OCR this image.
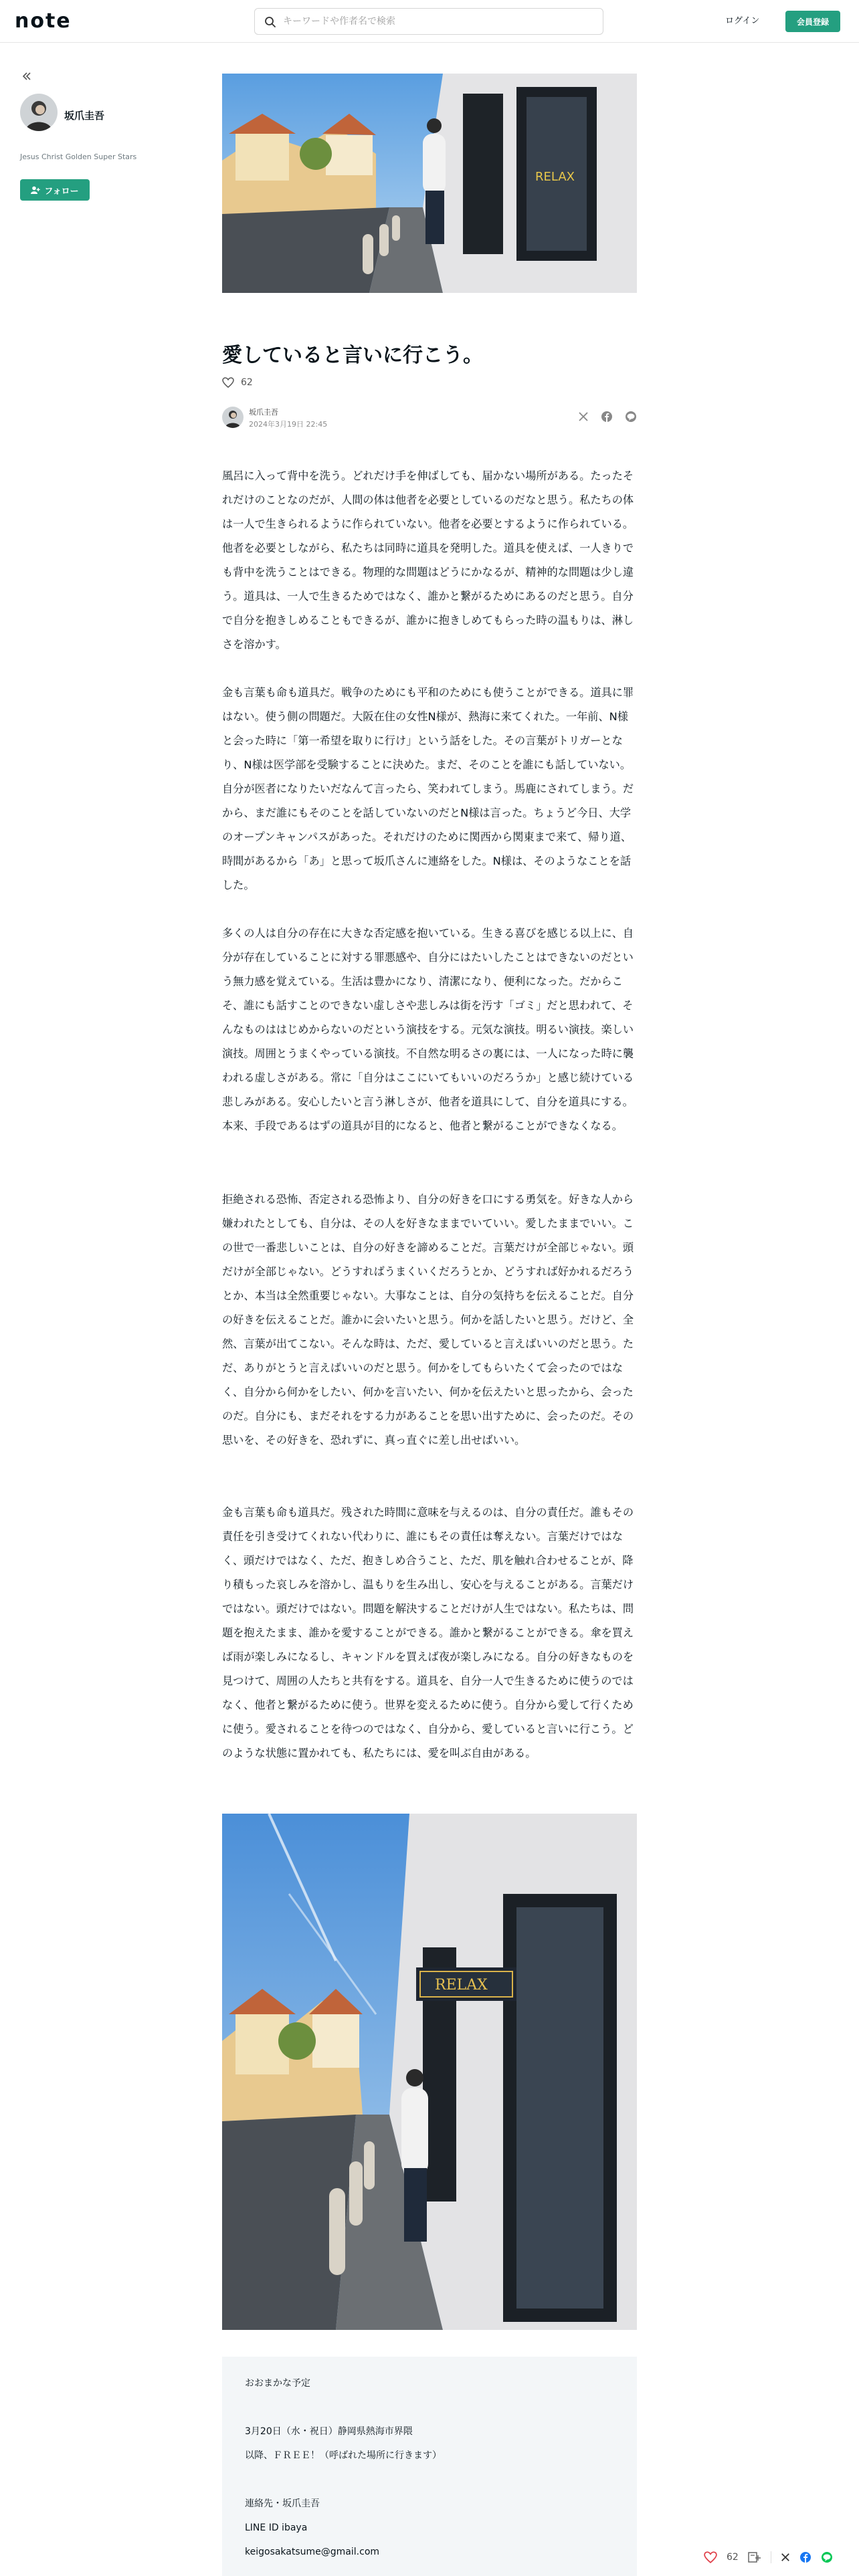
note
キーワードや作者名で検索	ログイン	会員登録
坂爪圭吾
Jesus Christ Golden Super Stars
フォロー
RELAX
愛していると言いに行こう。
62
坂爪圭吾
2024年3月19日 22:45

風呂に入って背中を洗う。どれだけ手を伸ばしても、届かない場所がある。たったそれだけのことなのだが、人間の体は他者を必要としているのだなと思う。私たちの体は一人で生きられるように作られていない。他者を必要とするように作られている。他者を必要としながら、私たちは同時に道具を発明した。道具を使えば、一人きりでも背中を洗うことはできる。物理的な問題はどうにかなるが、精神的な問題は少し違う。道具は、一人で生きるためではなく、誰かと繋がるためにあるのだと思う。自分で自分を抱きしめることもできるが、誰かに抱きしめてもらった時の温もりは、淋しさを溶かす。

金も言葉も命も道具だ。戦争のためにも平和のためにも使うことができる。道具に罪はない。使う側の問題だ。大阪在住の女性N様が、熱海に来てくれた。一年前、N様と会った時に「第一希望を取りに行け」という話をした。その言葉がトリガーとなり、N様は医学部を受験することに決めた。まだ、そのことを誰にも話していない。自分が医者になりたいだなんて言ったら、笑われてしまう。馬鹿にされてしまう。だから、まだ誰にもそのことを話していないのだとN様は言った。ちょうど今日、大学のオープンキャンパスがあった。それだけのために関西から関東まで来て、帰り道、時間があるから「あ」と思って坂爪さんに連絡をした。N様は、そのようなことを話した。

多くの人は自分の存在に大きな否定感を抱いている。生きる喜びを感じる以上に、自分が存在していることに対する罪悪感や、自分にはたいしたことはできないのだという無力感を覚えている。生活は豊かになり、清潔になり、便利になった。だからこそ、誰にも話すことのできない虚しさや悲しみは街を汚す「ゴミ」だと思われて、そんなものははじめからないのだという演技をする。元気な演技。明るい演技。楽しい演技。周囲とうまくやっている演技。不自然な明るさの裏には、一人になった時に襲われる虚しさがある。常に「自分はここにいてもいいのだろうか」と感じ続けている悲しみがある。安心したいと言う淋しさが、他者を道具にして、自分を道具にする。本来、手段であるはずの道具が目的になると、他者と繋がることができなくなる。

拒絶される恐怖、否定される恐怖より、自分の好きを口にする勇気を。好きな人から嫌われたとしても、自分は、その人を好きなままでいていい。愛したままでいい。この世で一番悲しいことは、自分の好きを諦めることだ。言葉だけが全部じゃない。頭だけが全部じゃない。どうすればうまくいくだろうとか、どうすれば好かれるだろうとか、本当は全然重要じゃない。大事なことは、自分の気持ちを伝えることだ。自分の好きを伝えることだ。誰かに会いたいと思う。何かを話したいと思う。だけど、全然、言葉が出てこない。そんな時は、ただ、愛していると言えばいいのだと思う。ただ、ありがとうと言えばいいのだと思う。何かをしてもらいたくて会ったのではなく、自分から何かをしたい、何かを言いたい、何かを伝えたいと思ったから、会ったのだ。自分にも、まだそれをする力があることを思い出すために、会ったのだ。その思いを、その好きを、恐れずに、真っ直ぐに差し出せばいい。

金も言葉も命も道具だ。残された時間に意味を与えるのは、自分の責任だ。誰もその責任を引き受けてくれない代わりに、誰にもその責任は奪えない。言葉だけではなく、頭だけではなく、ただ、抱きしめ合うこと、ただ、肌を触れ合わせることが、降り積もった哀しみを溶かし、温もりを生み出し、安心を与えることがある。言葉だけではない。頭だけではない。問題を解決することだけが人生ではない。私たちは、問題を抱えたまま、誰かを愛することができる。誰かと繋がることができる。傘を買えば雨が楽しみになるし、キャンドルを買えば夜が楽しみになる。自分の好きなものを見つけて、周囲の人たちと共有をする。道具を、自分一人で生きるために使うのではなく、他者と繋がるために使う。世界を変えるために使う。自分から愛して行くために使う。愛されることを待つのではなく、自分から、愛していると言いに行こう。どのような状態に置かれても、私たちには、愛を叫ぶ自由がある。

RELAX

おおまかな予定

3月20日（水・祝日）静岡県熱海市界隈

以降、ＦＲＥＥ！（呼ばれた場所に行きます）

連絡先・坂爪圭吾

LINE ID ibaya

keigosakatsume@gmail.com	62
